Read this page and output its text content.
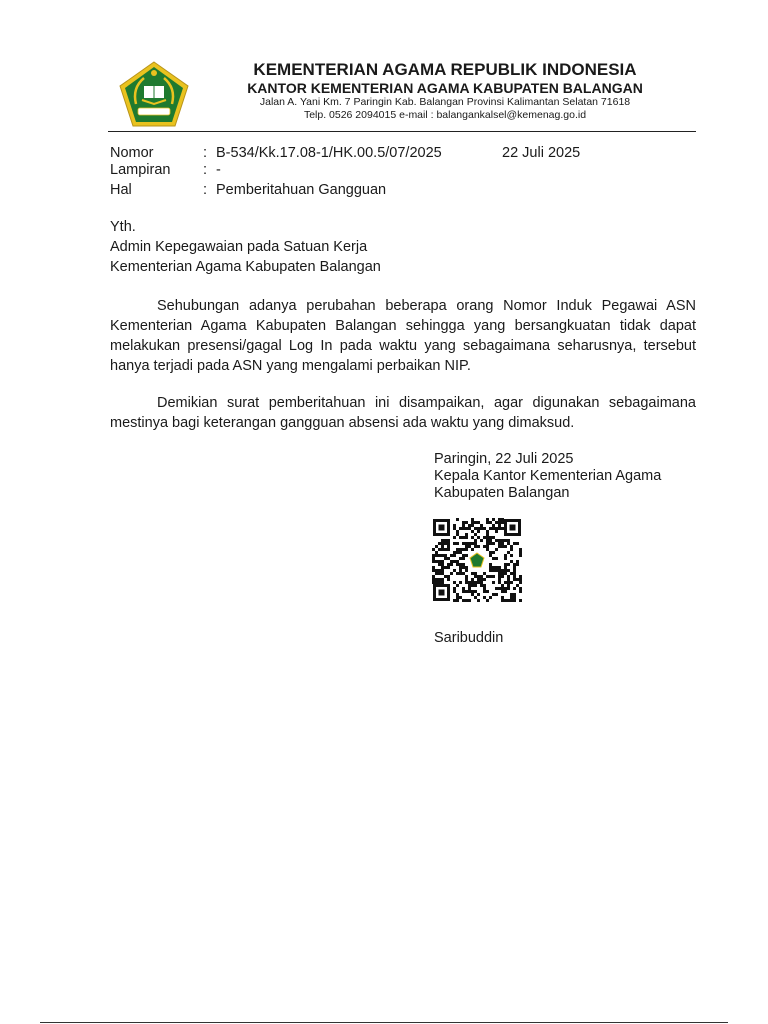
KEMENTERIAN AGAMA REPUBLIK INDONESIA
KANTOR KEMENTERIAN AGAMA KABUPATEN BALANGAN
Jalan A. Yani Km. 7 Paringin Kab. Balangan Provinsi Kalimantan Selatan 71618
Telp. 0526 2094015 e-mail : balangankalsel@kemenag.go.id
Nomor	: B-534/Kk.17.08-1/HK.00.5/07/2025	22 Juli 2025
Lampiran : -
Hal	: Pemberitahuan Gangguan
Yth.
Admin Kepegawaian pada Satuan Kerja
Kementerian Agama Kabupaten Balangan

Sehubungan adanya perubahan beberapa orang Nomor Induk Pegawai ASN Kementerian Agama Kabupaten Balangan sehingga yang bersangkuatan tidak dapat melakukan presensi/gagal Log In pada waktu yang sebagaimana seharusnya, tersebut hanya terjadi pada ASN yang mengalami perbaikan NIP.

Demikian surat pemberitahuan ini disampaikan, agar digunakan sebagaimana mestinya bagi keterangan gangguan absensi ada waktu yang dimaksud.

Paringin, 22 Juli 2025
Kepala Kantor Kementerian Agama
Kabupaten Balangan
Saribuddin
